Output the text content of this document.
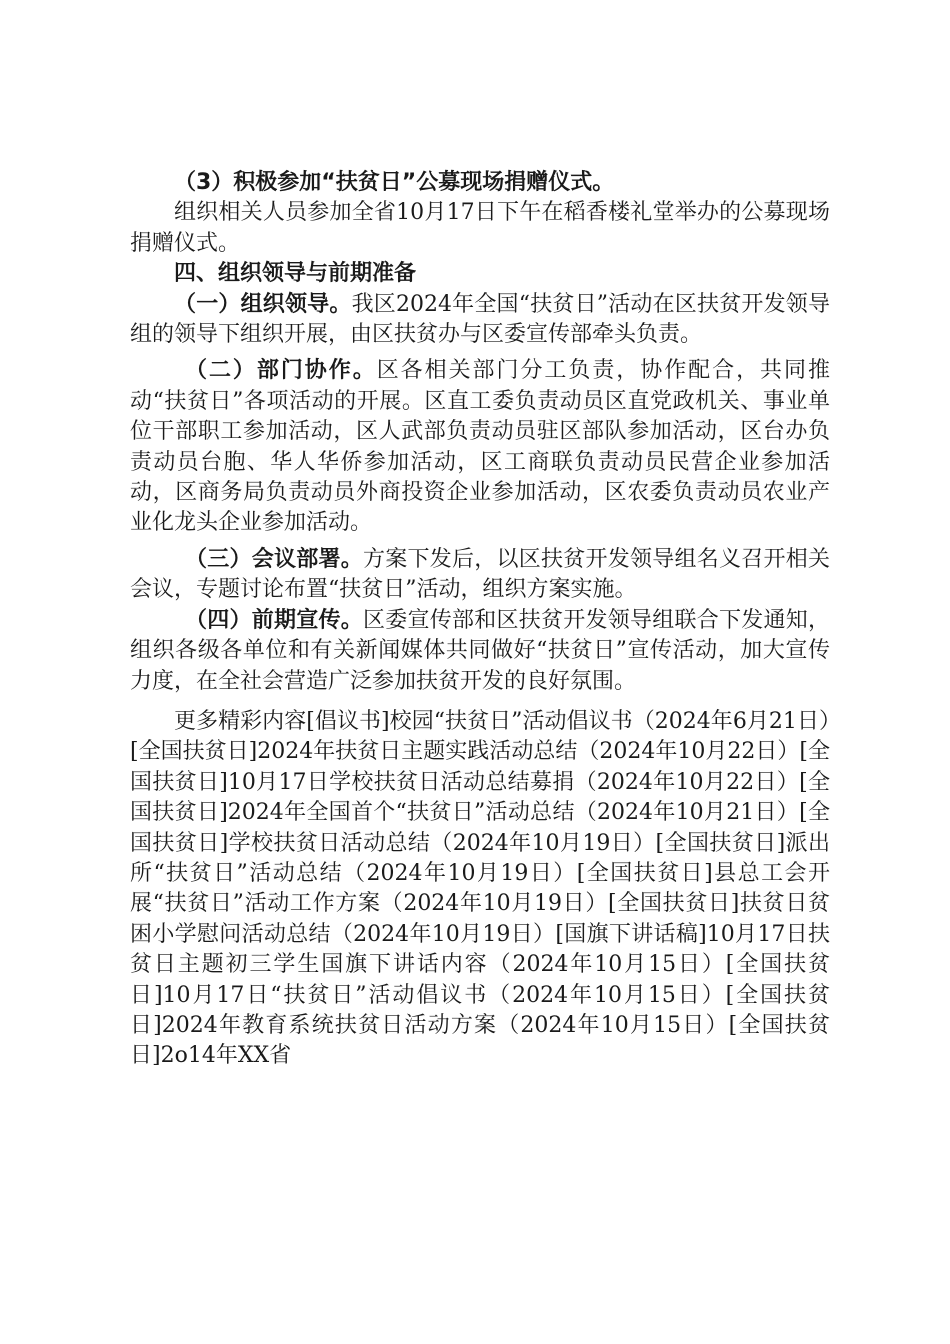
（3）积极参加“扶贫日”公募现场捐赠仪式。

组织相关人员参加全省10月17日下午在稻香楼礼堂举办的公募现场捐赠仪式。

四、组织领导与前期准备

（一）组织领导。我区2024年全国“扶贫日”活动在区扶贫开发领导组的领导下组织开展，由区扶贫办与区委宣传部牵头负责。

（二）部门协作。区各相关部门分工负责，协作配合，共同推动“扶贫日”各项活动的开展。区直工委负责动员区直党政机关、事业单位干部职工参加活动，区人武部负责动员驻区部队参加活动，区台办负责动员台胞、华人华侨参加活动，区工商联负责动员民营企业参加活动，区商务局负责动员外商投资企业参加活动，区农委负责动员农业产业化龙头企业参加活动。

（三）会议部署。方案下发后，以区扶贫开发领导组名义召开相关会议，专题讨论布置“扶贫日”活动，组织方案实施。

（四）前期宣传。区委宣传部和区扶贫开发领导组联合下发通知，组织各级各单位和有关新闻媒体共同做好“扶贫日”宣传活动，加大宣传力度，在全社会营造广泛参加扶贫开发的良好氛围。

更多精彩内容[倡议书]校园“扶贫日”活动倡议书（2024年6月21日）[全国扶贫日]2024年扶贫日主题实践活动总结（2024年10月22日）[全国扶贫日]10月17日学校扶贫日活动总结募捐（2024年10月22日）[全国扶贫日]2024年全国首个“扶贫日”活动总结（2024年10月21日）[全国扶贫日]学校扶贫日活动总结（2024年10月19日）[全国扶贫日]派出所“扶贫日”活动总结（2024年10月19日）[全国扶贫日]县总工会开展“扶贫日”活动工作方案（2024年10月19日）[全国扶贫日]扶贫日贫困小学慰问活动总结（2024年10月19日）[国旗下讲话稿]10月17日扶贫日主题初三学生国旗下讲话内容（2024年10月15日）[全国扶贫日]10月17日“扶贫日”活动倡议书（2024年10月15日）[全国扶贫日]2024年教育系统扶贫日活动方案（2024年10月15日）[全国扶贫日]2o14年XX省
